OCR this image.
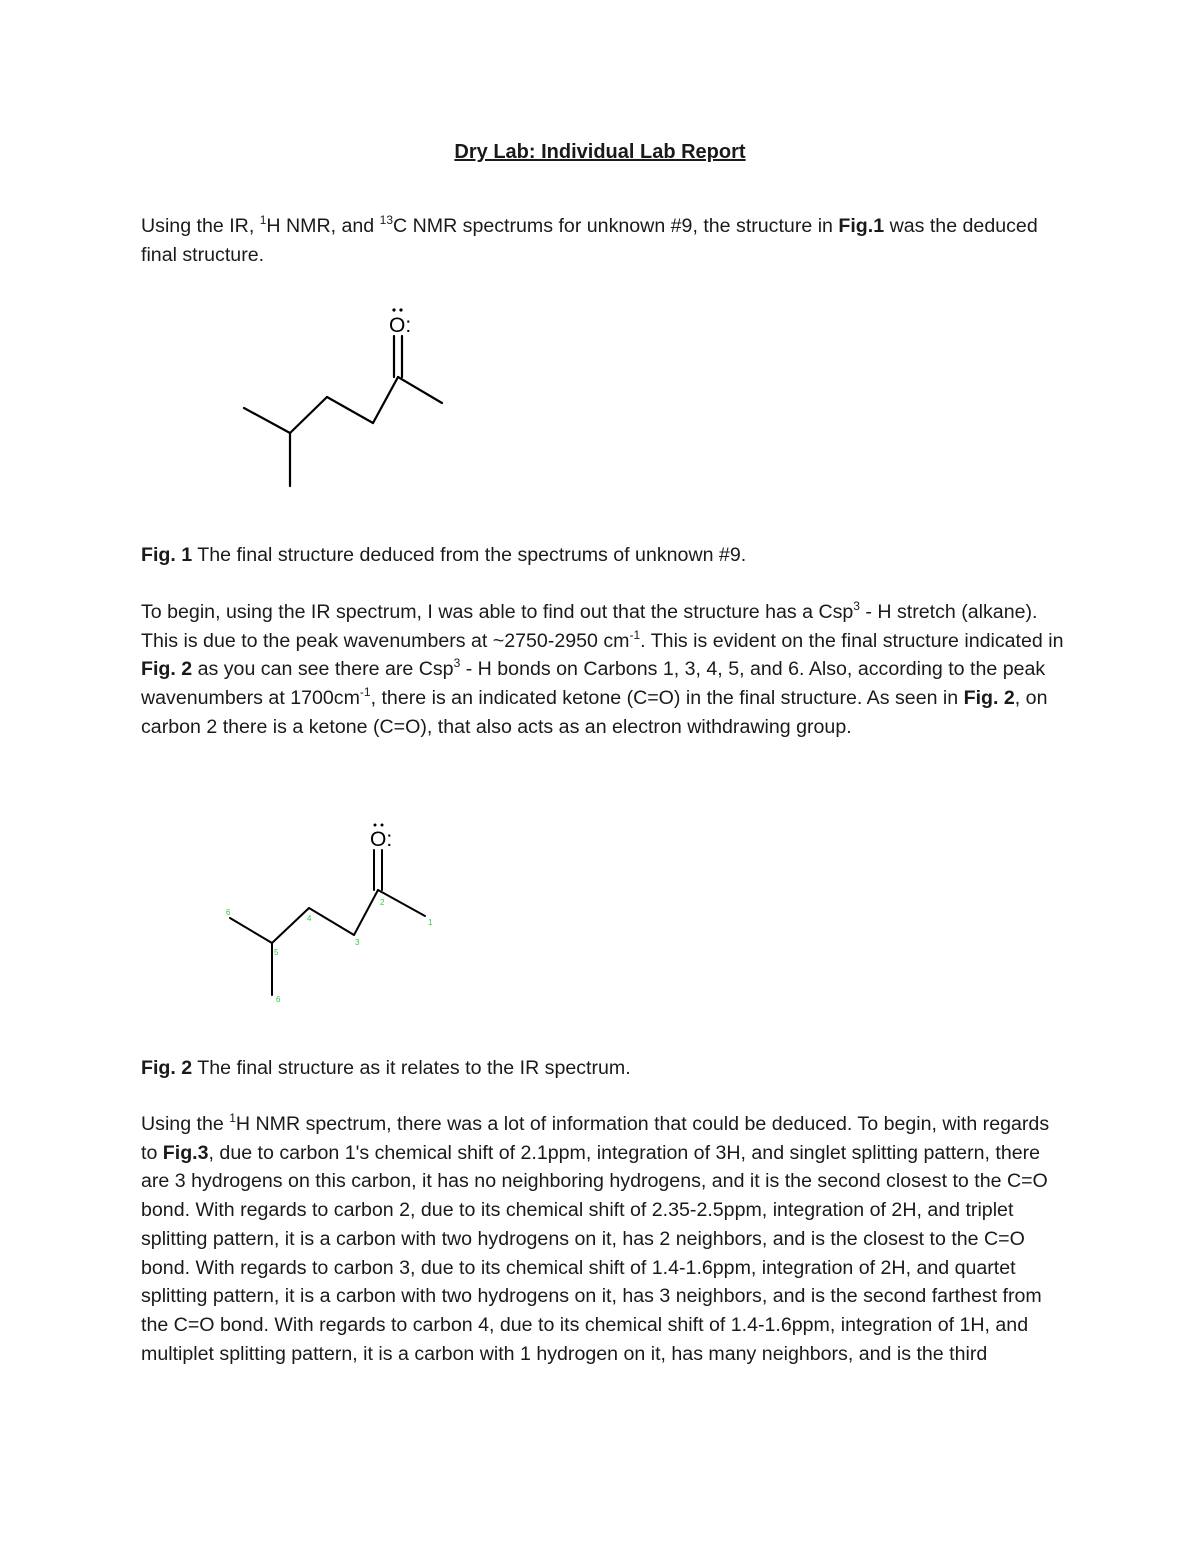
Dry Lab: Individual Lab Report

Using the IR, $^1$H NMR, and $^{13}$C NMR spectrums for unknown #9, the structure in Fig.1 was the deduced final structure.

O:

Fig. 1 The final structure deduced from the spectrums of unknown #9.

To begin, using the IR spectrum, I was able to find out that the structure has a Csp$^3$ - H stretch (alkane). This is due to the peak wavenumbers at ~2750-2950 $cm^{-1}$. This is evident on the final structure indicated in Fig. 2 as you can see there are Csp$^3$ - H bonds on Carbons 1, 3, 4, 5, and 6. Also, according to the peak wavenumbers at $1700cm^{-1}$, there is an indicated ketone (C=O) in the final structure. As seen in Fig. 2, on carbon 2 there is a ketone (C=O), that also acts as an electron withdrawing group.

O:
1
2
3
4
5
6
6

Fig. 2 The final structure as it relates to the IR spectrum.

Using the $^1$H NMR spectrum, there was a lot of information that could be deduced. To begin, with regards to Fig.3, due to carbon 1's chemical shift of 2.1ppm, integration of 3H, and singlet splitting pattern, there are 3 hydrogens on this carbon, it has no neighboring hydrogens, and it is the second closest to the C=O bond. With regards to carbon 2, due to its chemical shift of 2.35-2.5ppm, integration of 2H, and triplet splitting pattern, it is a carbon with two hydrogens on it, has 2 neighbors, and is the closest to the C=O bond. With regards to carbon 3, due to its chemical shift of 1.4-1.6ppm, integration of 2H, and quartet splitting pattern, it is a carbon with two hydrogens on it, has 3 neighbors, and is the second farthest from the C=O bond. With regards to carbon 4, due to its chemical shift of 1.4-1.6ppm, integration of 1H, and multiplet splitting pattern, it is a carbon with 1 hydrogen on it, has many neighbors, and is the third
